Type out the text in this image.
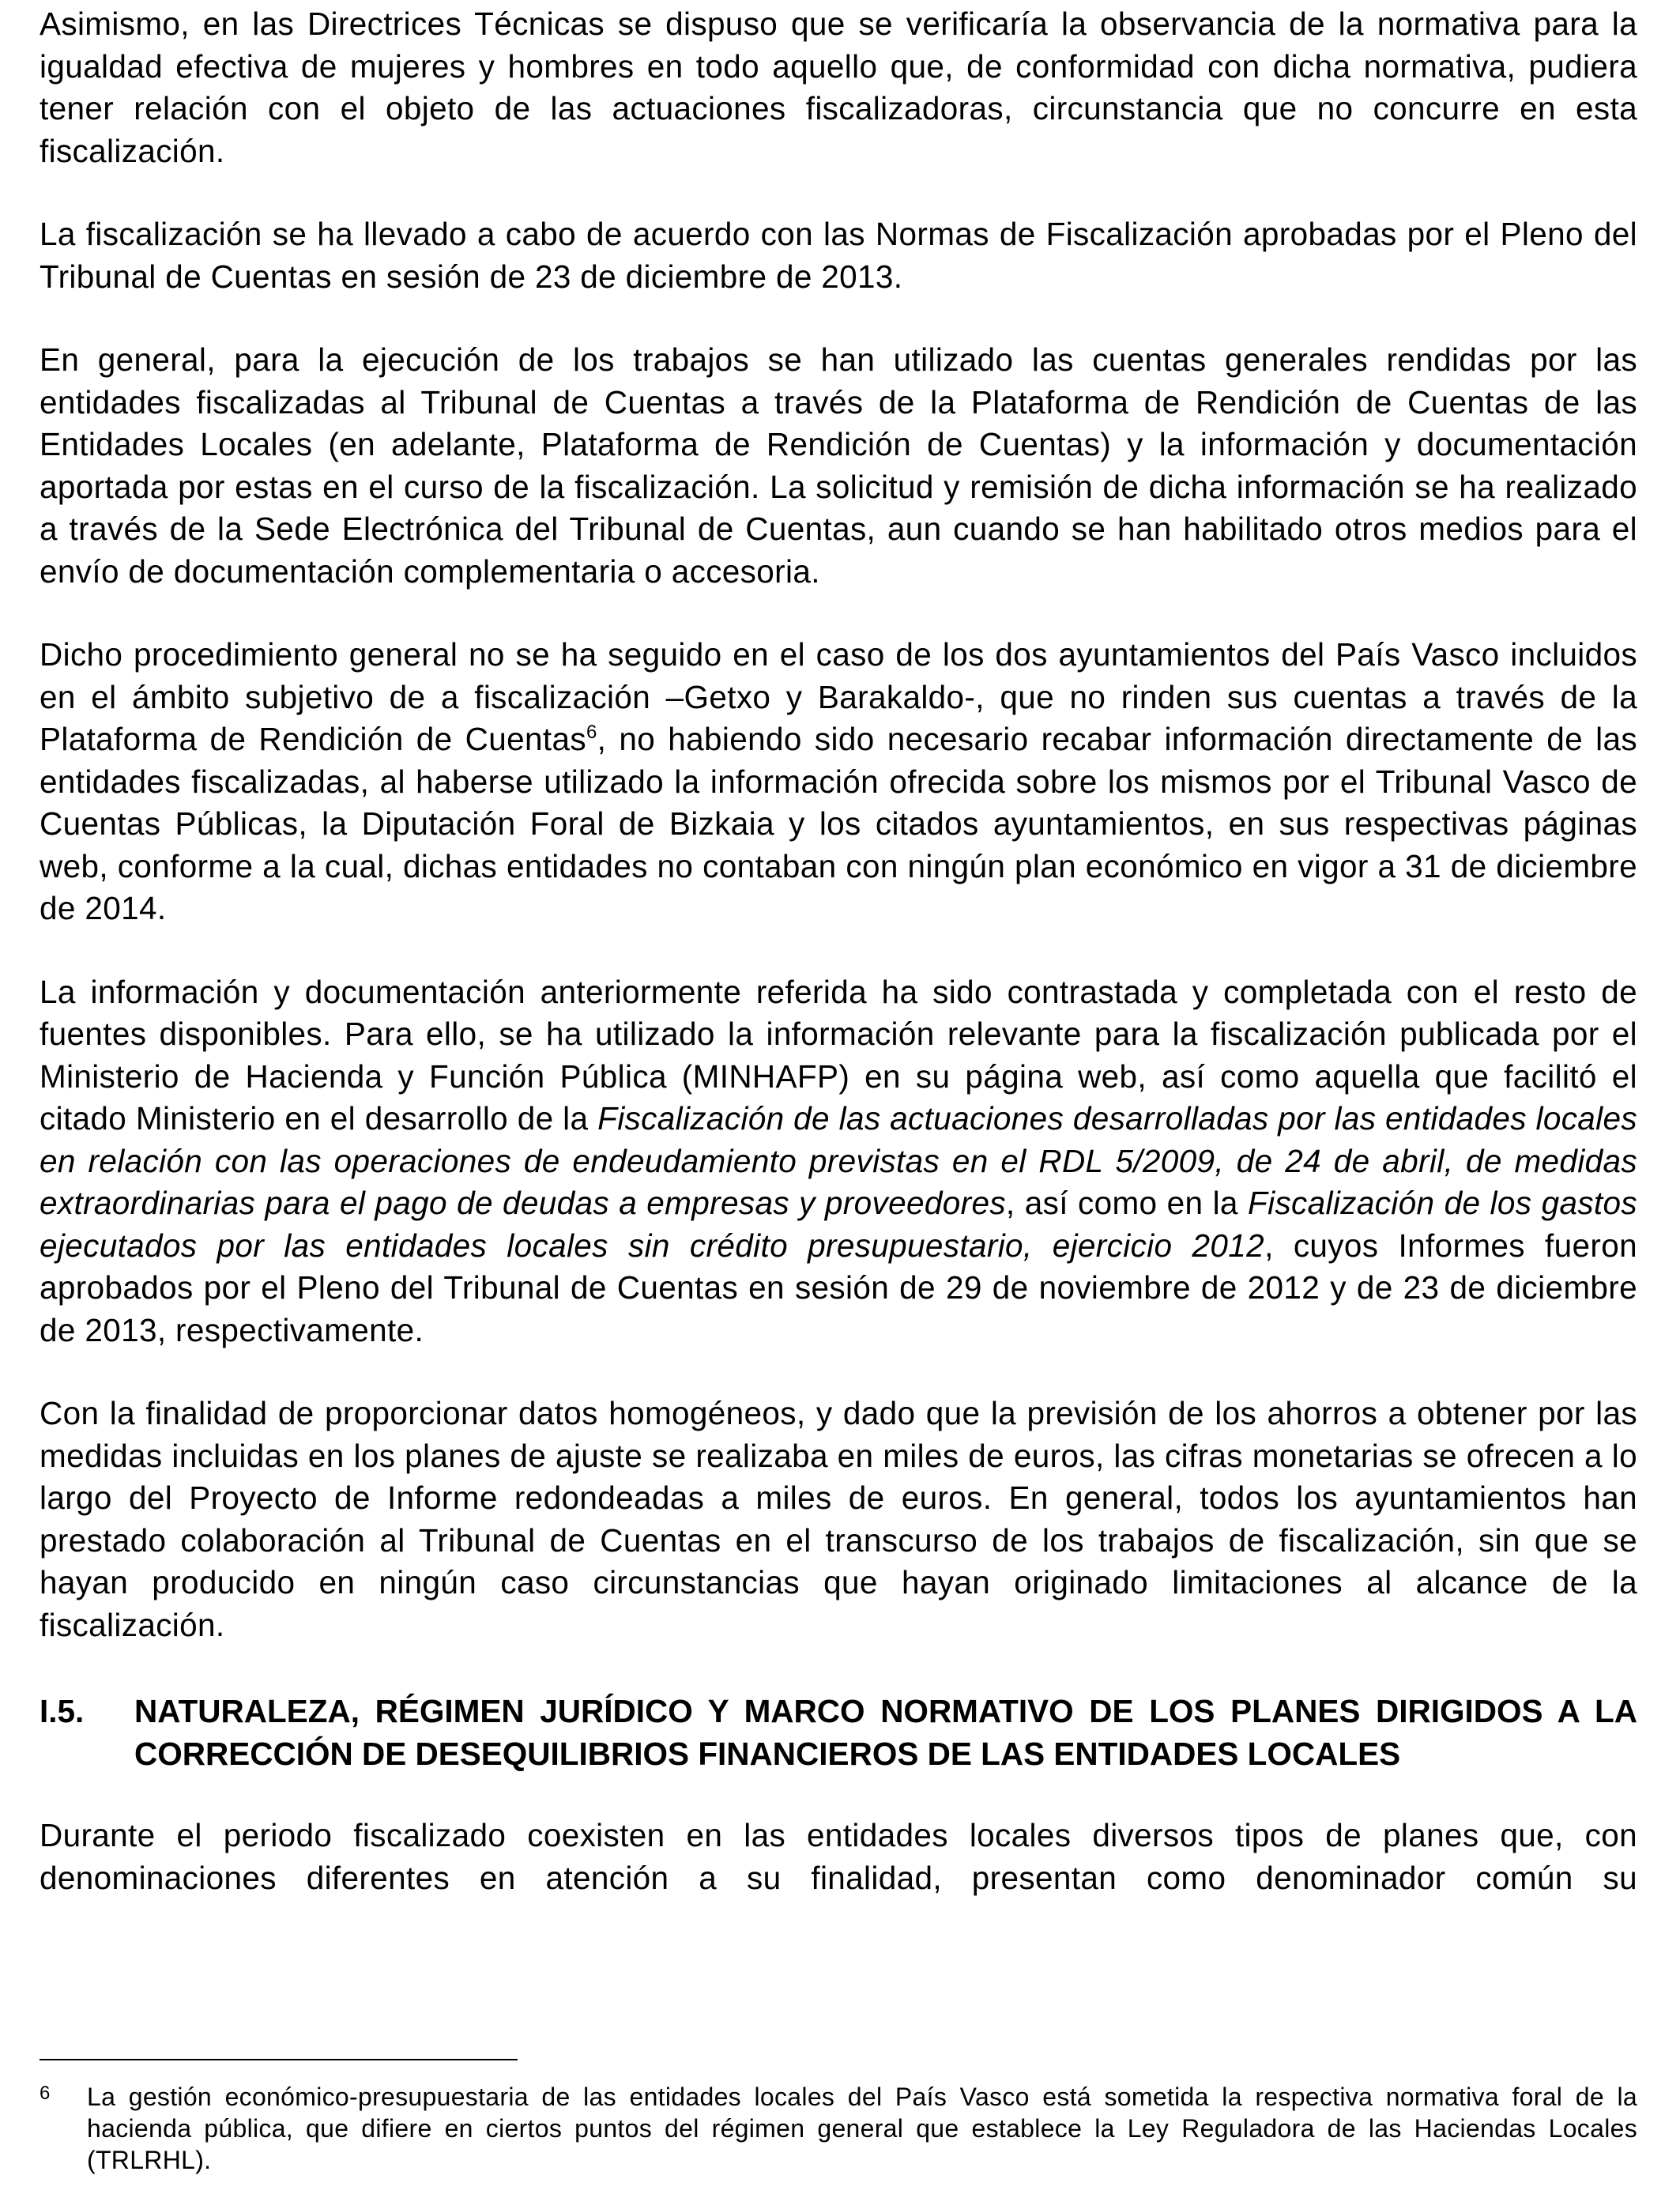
Asimismo, en las Directrices Técnicas se dispuso que se verificaría la observancia de la normativa para la igualdad efectiva de mujeres y hombres en todo aquello que, de conformidad con dicha normativa, pudiera tener relación con el objeto de las actuaciones fiscalizadoras, circunstancia que no concurre en esta fiscalización.

La fiscalización se ha llevado a cabo de acuerdo con las Normas de Fiscalización aprobadas por el Pleno del Tribunal de Cuentas en sesión de 23 de diciembre de 2013.

En general, para la ejecución de los trabajos se han utilizado las cuentas generales rendidas por las entidades fiscalizadas al Tribunal de Cuentas a través de la Plataforma de Rendición de Cuentas de las Entidades Locales (en adelante, Plataforma de Rendición de Cuentas) y la información y documentación aportada por estas en el curso de la fiscalización. La solicitud y remisión de dicha información se ha realizado a través de la Sede Electrónica del Tribunal de Cuentas, aun cuando se han habilitado otros medios para el envío de documentación complementaria o accesoria.

Dicho procedimiento general no se ha seguido en el caso de los dos ayuntamientos del País Vasco incluidos en el ámbito subjetivo de a fiscalización –Getxo y Barakaldo-, que no rinden sus cuentas a través de la Plataforma de Rendición de Cuentas$^6$, no habiendo sido necesario recabar información directamente de las entidades fiscalizadas, al haberse utilizado la información ofrecida sobre los mismos por el Tribunal Vasco de Cuentas Públicas, la Diputación Foral de Bizkaia y los citados ayuntamientos, en sus respectivas páginas web, conforme a la cual, dichas entidades no contaban con ningún plan económico en vigor a 31 de diciembre de 2014.

La información y documentación anteriormente referida ha sido contrastada y completada con el resto de fuentes disponibles. Para ello, se ha utilizado la información relevante para la fiscalización publicada por el Ministerio de Hacienda y Función Pública (MINHAFP) en su página web, así como aquella que facilitó el citado Ministerio en el desarrollo de la Fiscalización de las actuaciones desarrolladas por las entidades locales en relación con las operaciones de endeudamiento previstas en el RDL 5/2009, de 24 de abril, de medidas extraordinarias para el pago de deudas a empresas y proveedores, así como en la Fiscalización de los gastos ejecutados por las entidades locales sin crédito presupuestario, ejercicio 2012, cuyos Informes fueron aprobados por el Pleno del Tribunal de Cuentas en sesión de 29 de noviembre de 2012 y de 23 de diciembre de 2013, respectivamente.

Con la finalidad de proporcionar datos homogéneos, y dado que la previsión de los ahorros a obtener por las medidas incluidas en los planes de ajuste se realizaba en miles de euros, las cifras monetarias se ofrecen a lo largo del Proyecto de Informe redondeadas a miles de euros. En general, todos los ayuntamientos han prestado colaboración al Tribunal de Cuentas en el transcurso de los trabajos de fiscalización, sin que se hayan producido en ningún caso circunstancias que hayan originado limitaciones al alcance de la fiscalización.

I.5.	NATURALEZA, RÉGIMEN JURÍDICO Y MARCO NORMATIVO DE LOS PLANES DIRIGIDOS A LA CORRECCIÓN DE DESEQUILIBRIOS FINANCIEROS DE LAS ENTIDADES LOCALES

Durante el periodo fiscalizado coexisten en las entidades locales diversos tipos de planes que, con denominaciones diferentes en atención a su finalidad, presentan como denominador común su

6	La gestión económico-presupuestaria de las entidades locales del País Vasco está sometida la respectiva normativa foral de la hacienda pública, que difiere en ciertos puntos del régimen general que establece la Ley Reguladora de las Haciendas Locales (TRLRHL).
